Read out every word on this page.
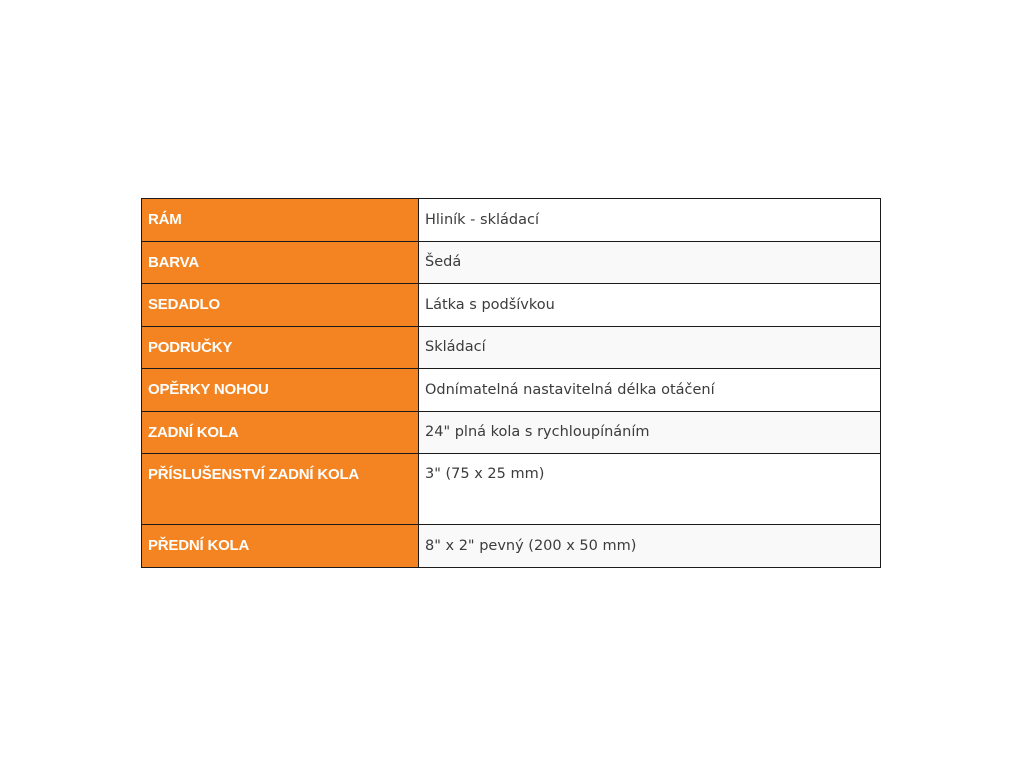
RÁM	Hliník - skládací
BARVA	Šedá
SEDADLO	Látka s podšívkou
PODRUČKY	Skládací
OPĚRKY NOHOU	Odnímatelná nastavitelná délka otáčení
ZADNÍ KOLA	24" plná kola s rychloupínáním
PŘÍSLUŠENSTVÍ ZADNÍ KOLA	3" (75 x 25 mm)
PŘEDNÍ KOLA	8" x 2" pevný (200 x 50 mm)
